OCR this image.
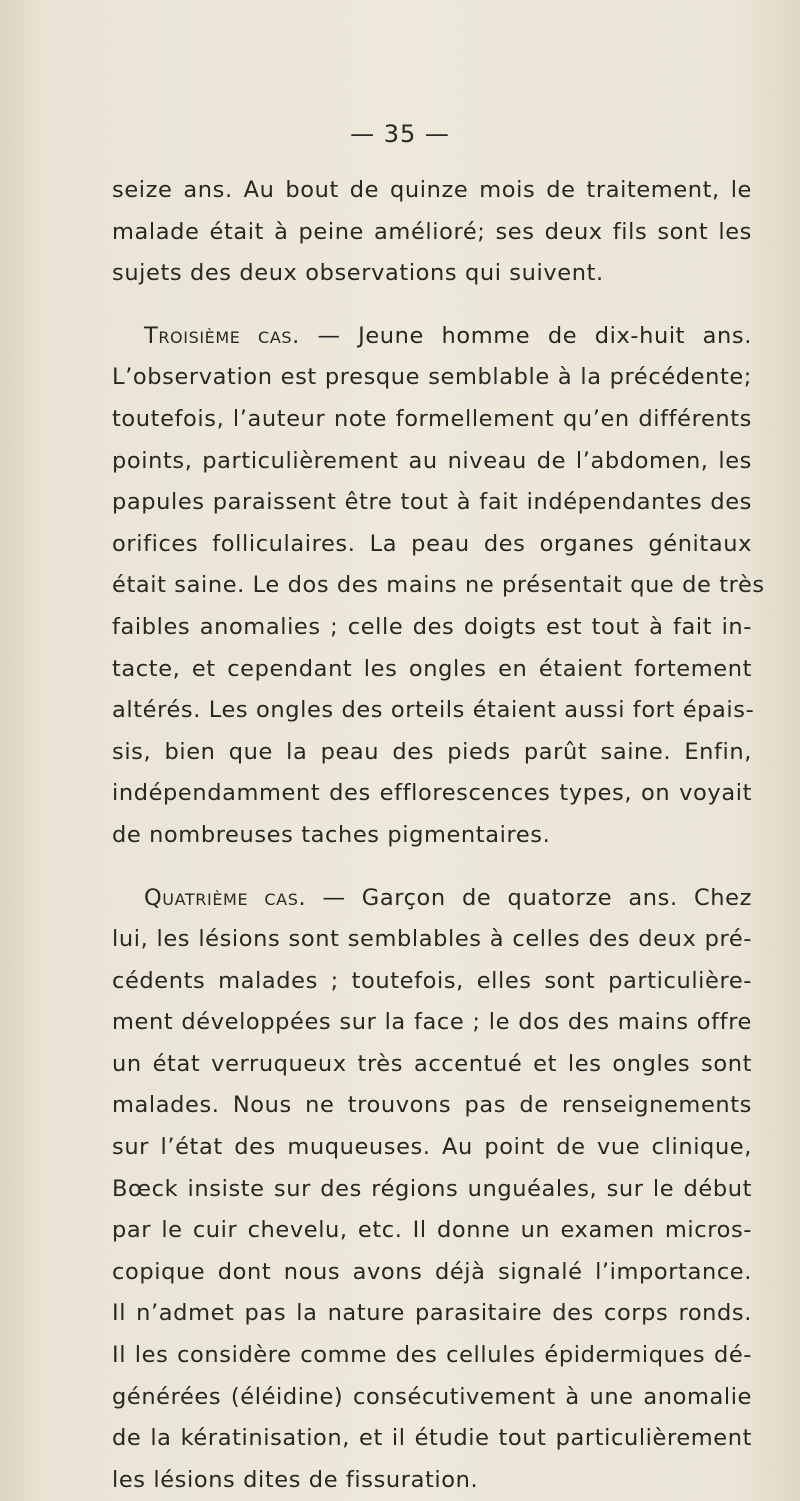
— 35 —
seize ans. Au bout de quinze mois de traitement, le
malade était à peine amélioré; ses deux fils sont les
sujets des deux observations qui suivent.
Troisième cas. — Jeune homme de dix-huit ans.
L’observation est presque semblable à la précédente;
toutefois, l’auteur note formellement qu’en différents
points, particulièrement au niveau de l’abdomen, les
papules paraissent être tout à fait indépendantes des
orifices folliculaires. La peau des organes génitaux
était saine. Le dos des mains ne présentait que de très
faibles anomalies ; celle des doigts est tout à fait in-
tacte, et cependant les ongles en étaient fortement
altérés. Les ongles des orteils étaient aussi fort épais-
sis, bien que la peau des pieds parût saine. Enfin,
indépendamment des efflorescences types, on voyait
de nombreuses taches pigmentaires.
Quatrième cas. — Garçon de quatorze ans. Chez
lui, les lésions sont semblables à celles des deux pré-
cédents malades ; toutefois, elles sont particulière-
ment développées sur la face ; le dos des mains offre
un état verruqueux très accentué et les ongles sont
malades. Nous ne trouvons pas de renseignements
sur l’état des muqueuses. Au point de vue clinique,
Bœck insiste sur des régions unguéales, sur le début
par le cuir chevelu, etc. Il donne un examen micros-
copique dont nous avons déjà signalé l’importance.
Il n’admet pas la nature parasitaire des corps ronds.
Il les considère comme des cellules épidermiques dé-
générées (éléidine) consécutivement à une anomalie
de la kératinisation, et il étudie tout particulièrement
les lésions dites de fissuration.
